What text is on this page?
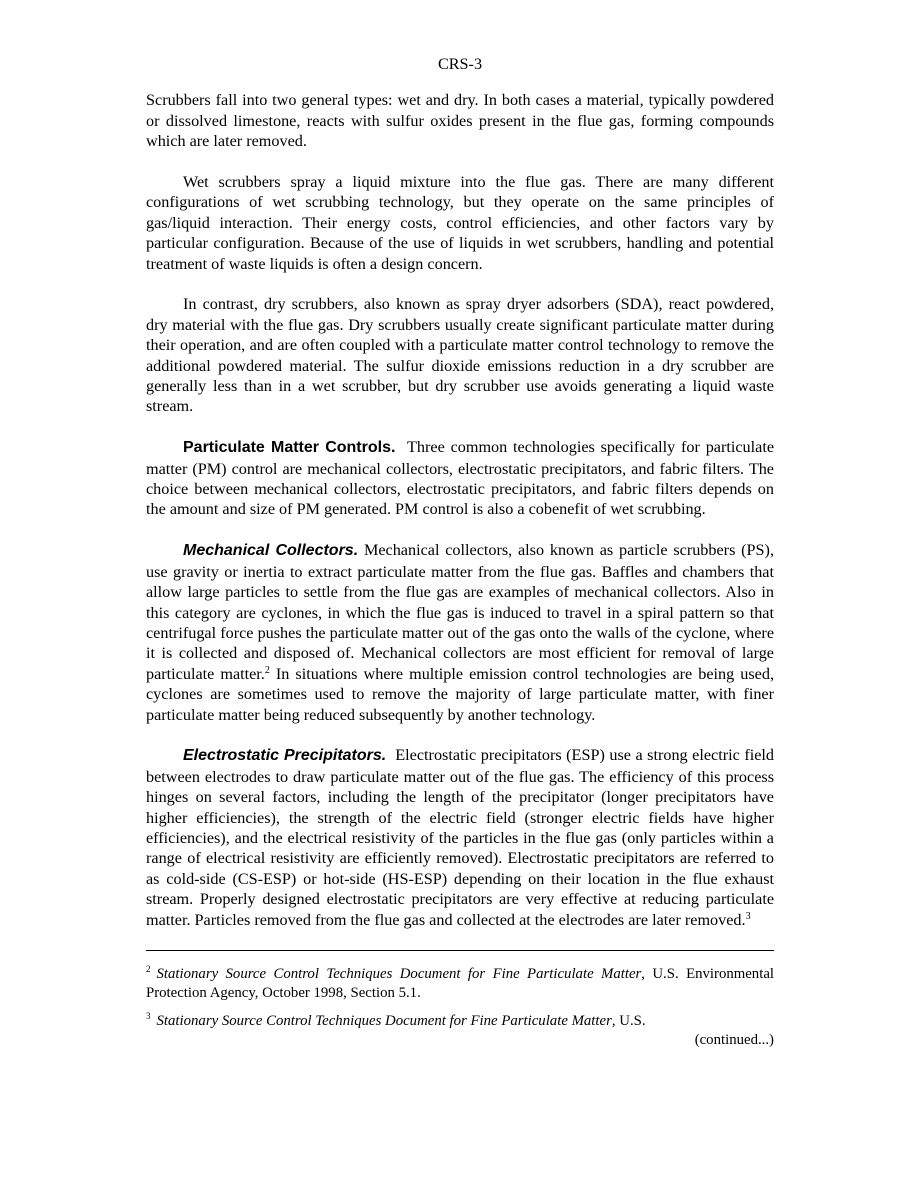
CRS-3

Scrubbers fall into two general types: wet and dry. In both cases a material, typically powdered or dissolved limestone, reacts with sulfur oxides present in the flue gas, forming compounds which are later removed.

Wet scrubbers spray a liquid mixture into the flue gas. There are many different configurations of wet scrubbing technology, but they operate on the same principles of gas/liquid interaction. Their energy costs, control efficiencies, and other factors vary by particular configuration. Because of the use of liquids in wet scrubbers, handling and potential treatment of waste liquids is often a design concern.

In contrast, dry scrubbers, also known as spray dryer adsorbers (SDA), react powdered, dry material with the flue gas. Dry scrubbers usually create significant particulate matter during their operation, and are often coupled with a particulate matter control technology to remove the additional powdered material. The sulfur dioxide emissions reduction in a dry scrubber are generally less than in a wet scrubber, but dry scrubber use avoids generating a liquid waste stream.

Particulate Matter Controls. Three common technologies specifically for particulate matter (PM) control are mechanical collectors, electrostatic precipitators, and fabric filters. The choice between mechanical collectors, electrostatic precipitators, and fabric filters depends on the amount and size of PM generated. PM control is also a cobenefit of wet scrubbing.

Mechanical Collectors. Mechanical collectors, also known as particle scrubbers (PS), use gravity or inertia to extract particulate matter from the flue gas. Baffles and chambers that allow large particles to settle from the flue gas are examples of mechanical collectors. Also in this category are cyclones, in which the flue gas is induced to travel in a spiral pattern so that centrifugal force pushes the particulate matter out of the gas onto the walls of the cyclone, where it is collected and disposed of. Mechanical collectors are most efficient for removal of large particulate matter.$^2$ In situations where multiple emission control technologies are being used, cyclones are sometimes used to remove the majority of large particulate matter, with finer particulate matter being reduced subsequently by another technology.

Electrostatic Precipitators. Electrostatic precipitators (ESP) use a strong electric field between electrodes to draw particulate matter out of the flue gas. The efficiency of this process hinges on several factors, including the length of the precipitator (longer precipitators have higher efficiencies), the strength of the electric field (stronger electric fields have higher efficiencies), and the electrical resistivity of the particles in the flue gas (only particles within a range of electrical resistivity are efficiently removed). Electrostatic precipitators are referred to as cold-side (CS-ESP) or hot-side (HS-ESP) depending on their location in the flue exhaust stream. Properly designed electrostatic precipitators are very effective at reducing particulate matter. Particles removed from the flue gas and collected at the electrodes are later removed.$^3$

$^2$ Stationary Source Control Techniques Document for Fine Particulate Matter, U.S. Environmental Protection Agency, October 1998, Section 5.1.
$^3$ Stationary Source Control Techniques Document for Fine Particulate Matter, U.S.
(continued...)
